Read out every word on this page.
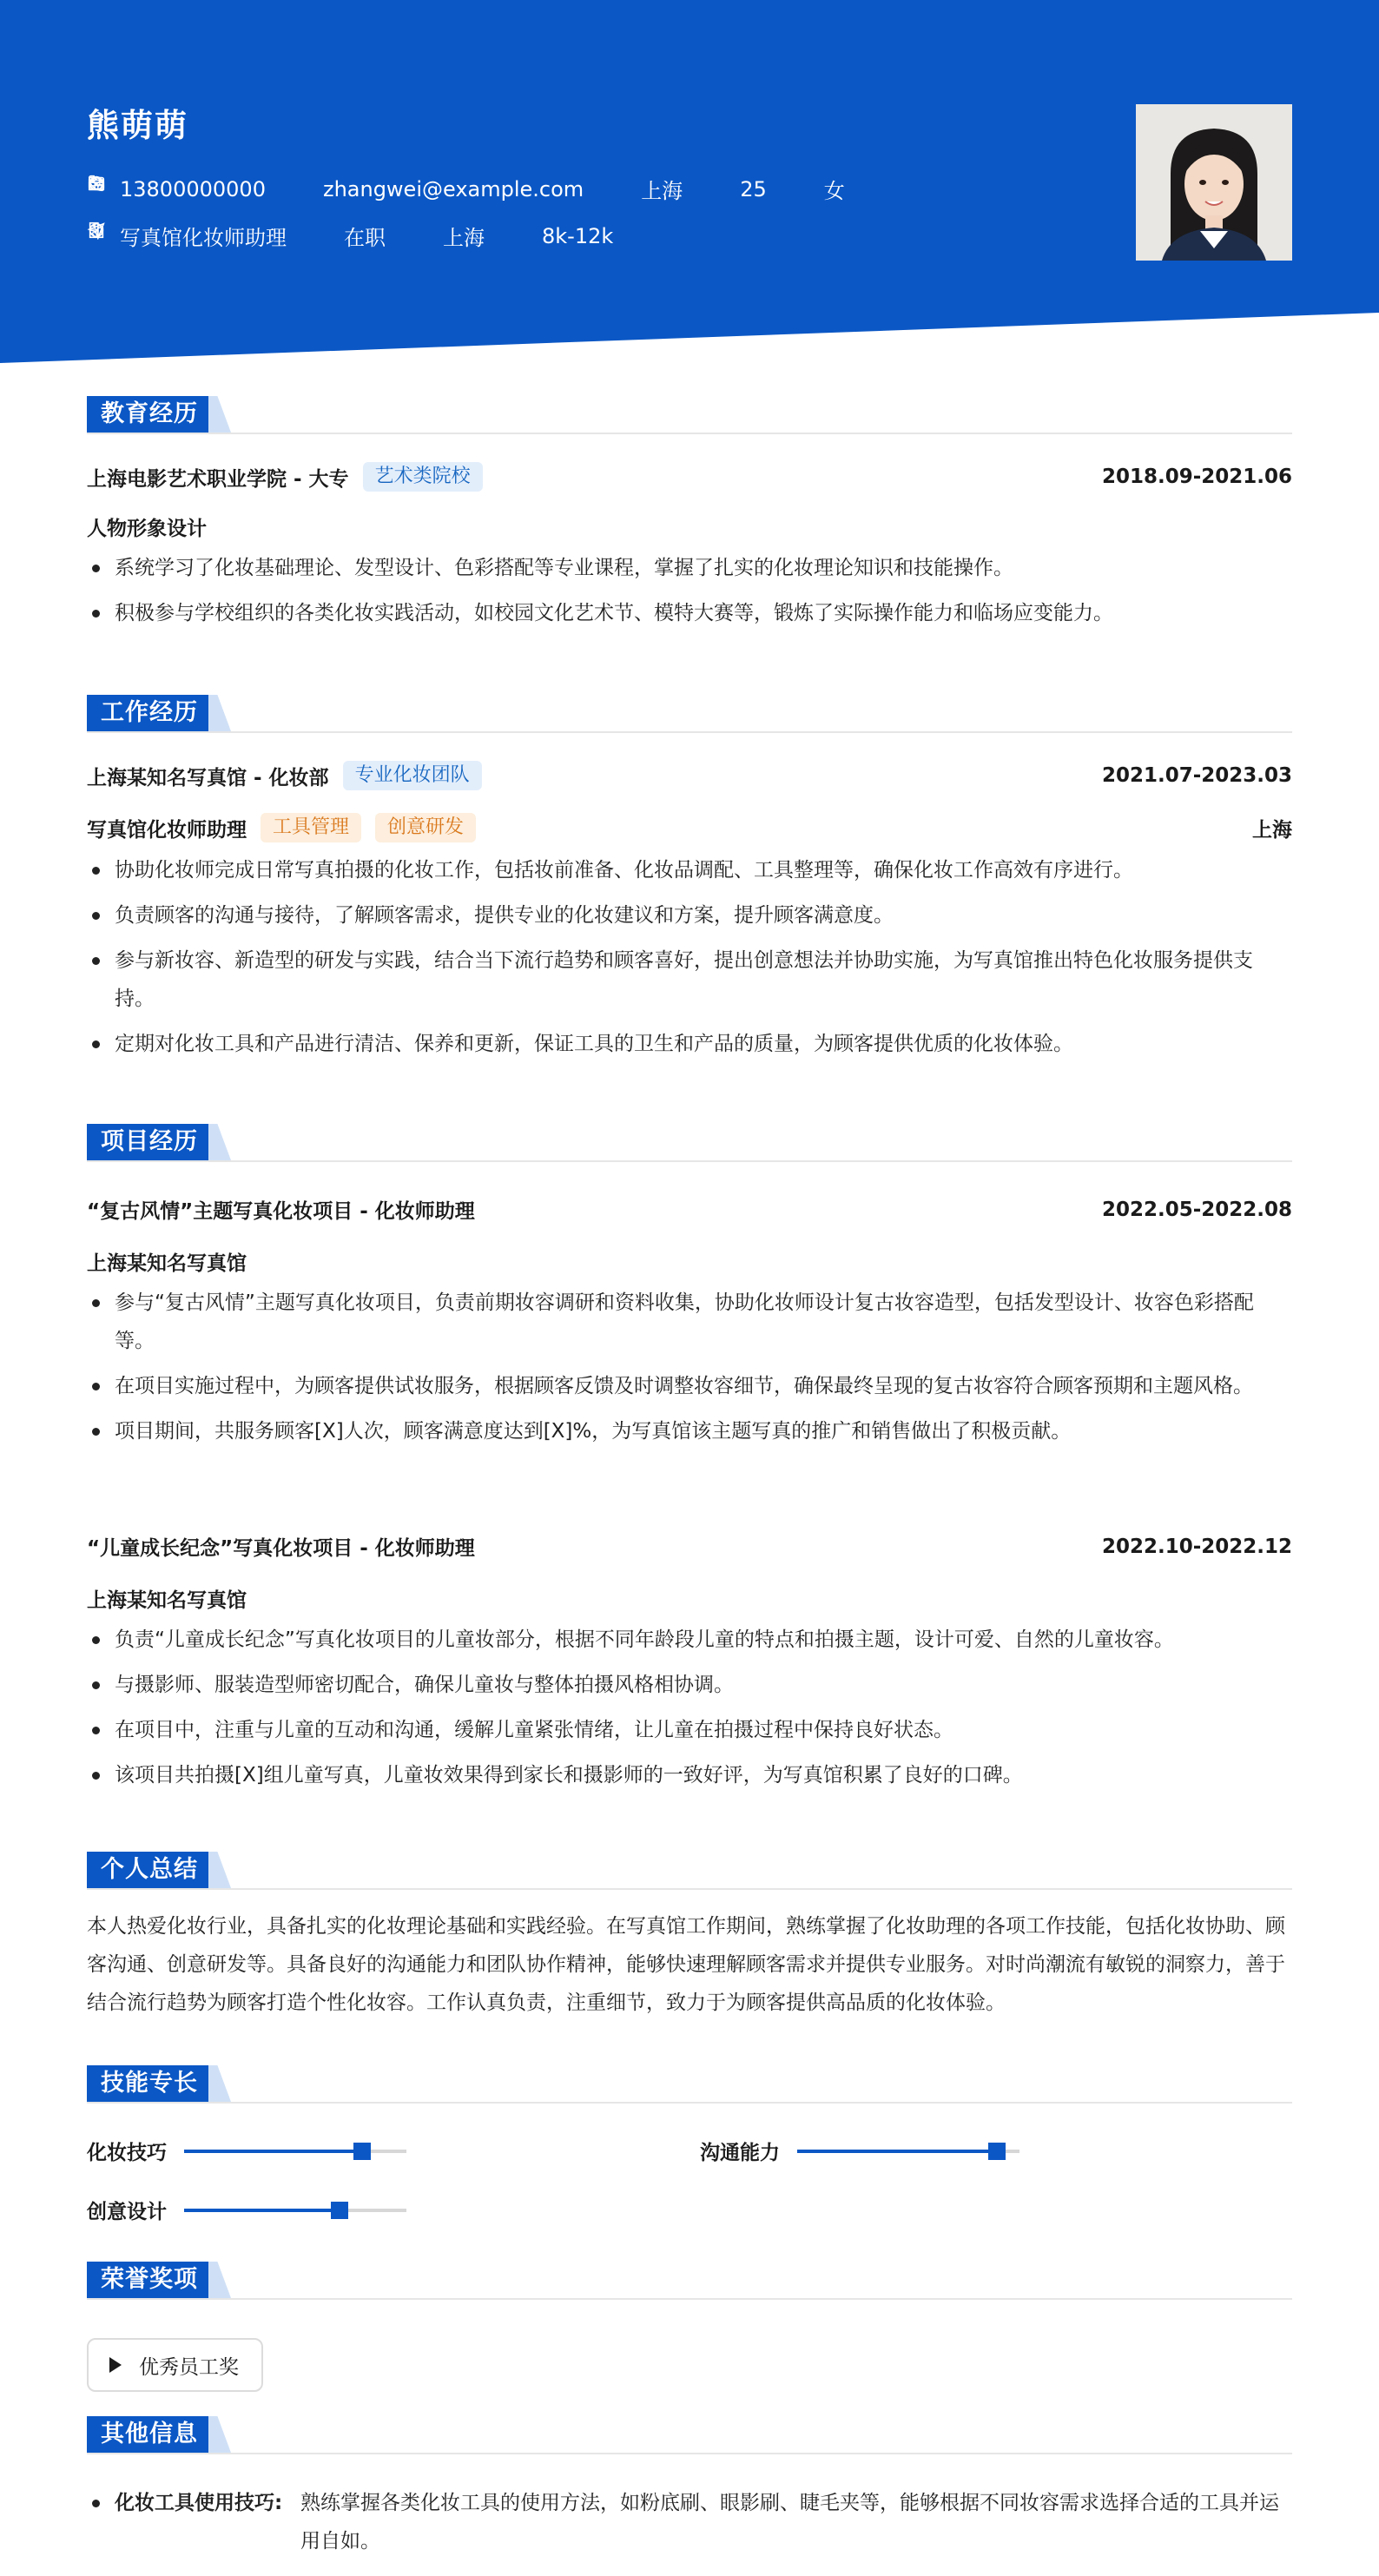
熊萌萌
13800000000	zhangwei@example.com	上海	25	女
写真馆化妆师助理	在职	上海	8k-12k
教育经历
上海电影艺术职业学院 - 大专	艺术类院校	2018.09-2021.06
人物形象设计
系统学习了化妆基础理论、发型设计、色彩搭配等专业课程，掌握了扎实的化妆理论知识和技能操作。
积极参与学校组织的各类化妆实践活动，如校园文化艺术节、模特大赛等，锻炼了实际操作能力和临场应变能力。
工作经历
上海某知名写真馆 - 化妆部	专业化妆团队	2021.07-2023.03
写真馆化妆师助理	工具管理	创意研发	上海
协助化妆师完成日常写真拍摄的化妆工作，包括妆前准备、化妆品调配、工具整理等，确保化妆工作高效有序进行。
负责顾客的沟通与接待，了解顾客需求，提供专业的化妆建议和方案，提升顾客满意度。
参与新妆容、新造型的研发与实践，结合当下流行趋势和顾客喜好，提出创意想法并协助实施，为写真馆推出特色化妆服务提供支持。
定期对化妆工具和产品进行清洁、保养和更新，保证工具的卫生和产品的质量，为顾客提供优质的化妆体验。
项目经历
“复古风情”主题写真化妆项目 - 化妆师助理	2022.05-2022.08
上海某知名写真馆
参与“复古风情”主题写真化妆项目，负责前期妆容调研和资料收集，协助化妆师设计复古妆容造型，包括发型设计、妆容色彩搭配等。
在项目实施过程中，为顾客提供试妆服务，根据顾客反馈及时调整妆容细节，确保最终呈现的复古妆容符合顾客预期和主题风格。
项目期间，共服务顾客[X]人次，顾客满意度达到[X]%，为写真馆该主题写真的推广和销售做出了积极贡献。
“儿童成长纪念”写真化妆项目 - 化妆师助理	2022.10-2022.12
上海某知名写真馆
负责“儿童成长纪念”写真化妆项目的儿童妆部分，根据不同年龄段儿童的特点和拍摄主题，设计可爱、自然的儿童妆容。
与摄影师、服装造型师密切配合，确保儿童妆与整体拍摄风格相协调。
在项目中，注重与儿童的互动和沟通，缓解儿童紧张情绪，让儿童在拍摄过程中保持良好状态。
该项目共拍摄[X]组儿童写真，儿童妆效果得到家长和摄影师的一致好评，为写真馆积累了良好的口碑。
个人总结
本人热爱化妆行业，具备扎实的化妆理论基础和实践经验。在写真馆工作期间，熟练掌握了化妆助理的各项工作技能，包括化妆协助、顾客沟通、创意研发等。具备良好的沟通能力和团队协作精神，能够快速理解顾客需求并提供专业服务。对时尚潮流有敏锐的洞察力，善于结合流行趋势为顾客打造个性化妆容。工作认真负责，注重细节，致力于为顾客提供高品质的化妆体验。
技能专长
化妆技巧	沟通能力
创意设计
荣誉奖项
优秀员工奖
其他信息
化妆工具使用技巧: 熟练掌握各类化妆工具的使用方法，如粉底刷、眼影刷、睫毛夹等，能够根据不同妆容需求选择合适的工具并运用自如。
